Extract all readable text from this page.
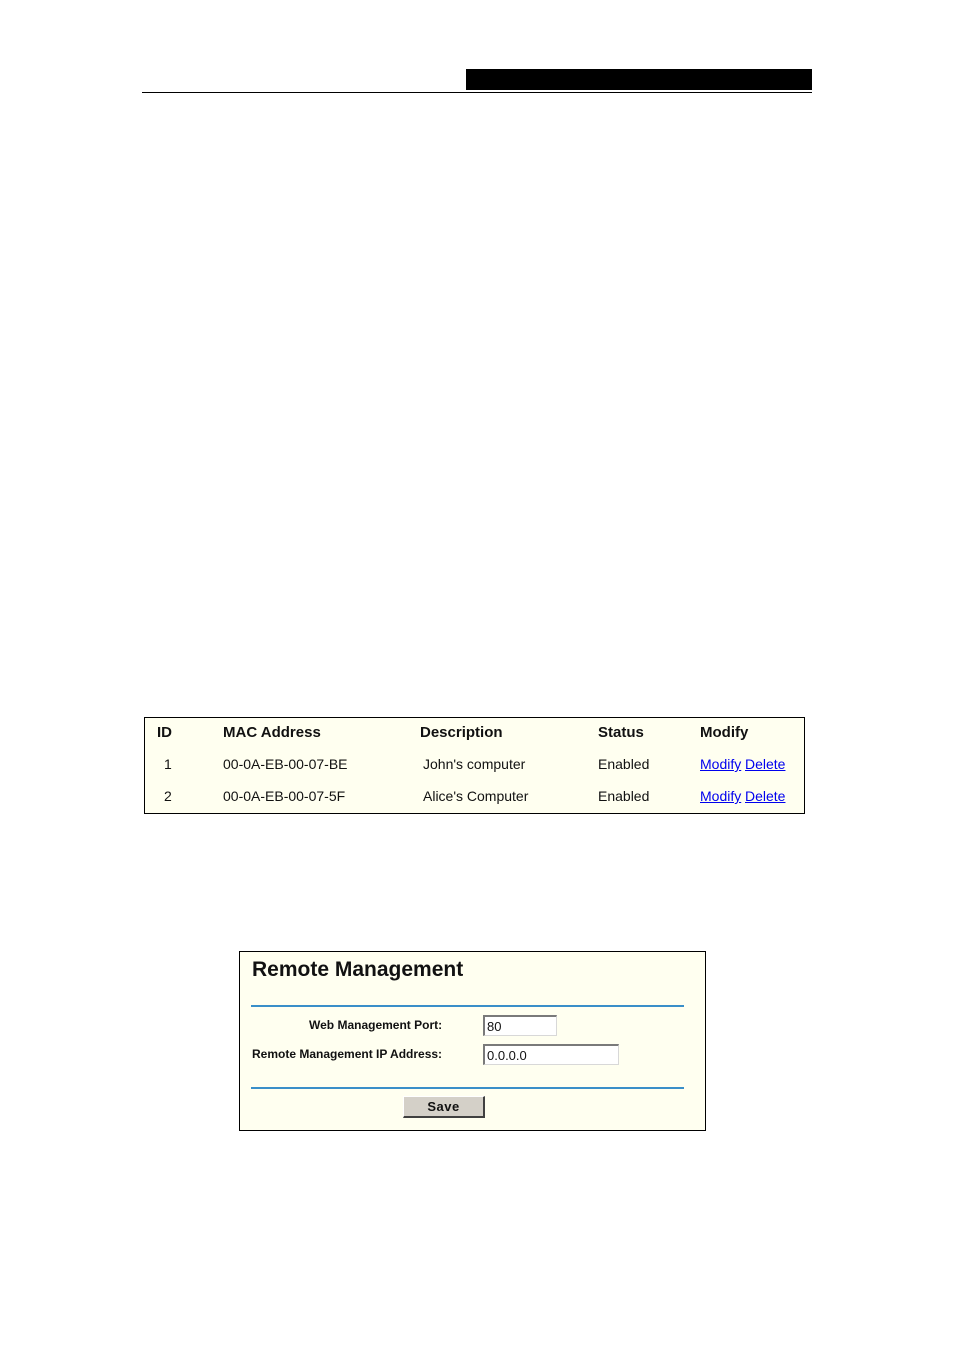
ID	MAC Address	Description	Status	Modify
1	00-0A-EB-00-07-BE	John's computer	Enabled	Modify Delete
2	00-0A-EB-00-07-5F	Alice's Computer	Enabled	Modify Delete
Remote Management
Web Management Port:
80
Remote Management IP Address:
0.0.0.0
Save
